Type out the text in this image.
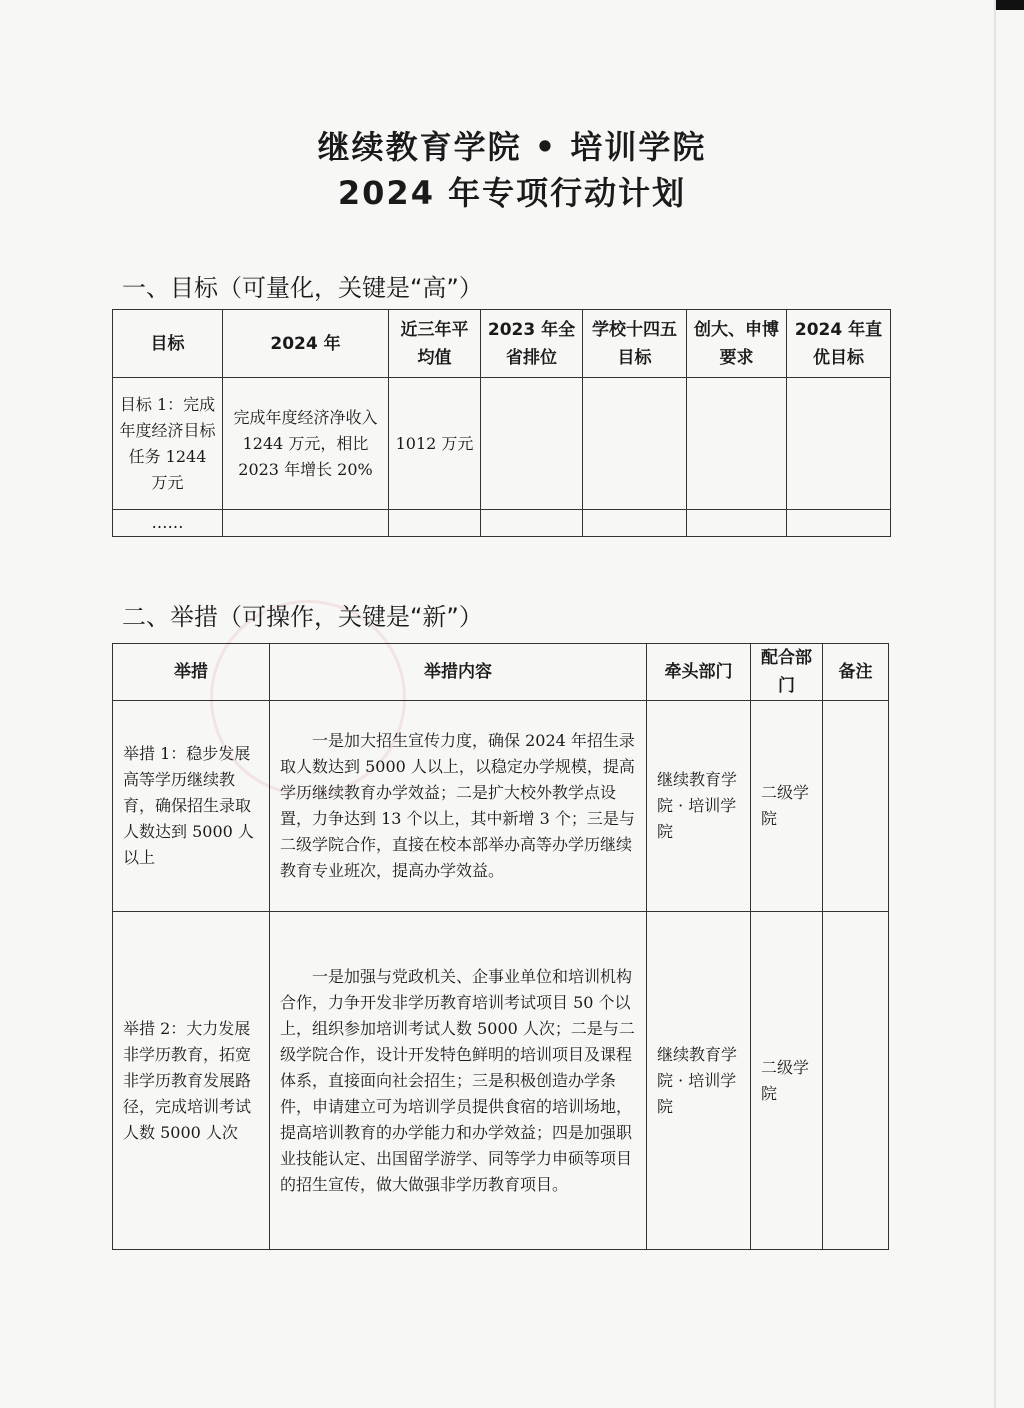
继续教育学院 • 培训学院
2024 年专项行动计划
一、目标（可量化，关键是“高”）
目标	2024 年	近三年平均值	2023 年全省排位	学校十四五目标	创大、申博要求	2024 年直优目标
目标 1：完成年度经济目标任务 1244 万元	完成年度经济净收入 1244 万元，相比 2023 年增长 20%	1012 万元				
……						
二、举措（可操作，关键是“新”）
举措	举措内容	牵头部门	配合部门	备注
举措 1：稳步发展高等学历继续教育，确保招生录取人数达到 5000 人以上	一是加大招生宣传力度，确保 2024 年招生录取人数达到 5000 人以上，以稳定办学规模，提高学历继续教育办学效益；二是扩大校外教学点设置，力争达到 13 个以上，其中新增 3 个；三是与二级学院合作，直接在校本部举办高等办学历继续教育专业班次，提高办学效益。	继续教育学院 · 培训学院	二级学院	
举措 2：大力发展非学历教育，拓宽非学历教育发展路径，完成培训考试人数 5000 人次	一是加强与党政机关、企事业单位和培训机构合作，力争开发非学历教育培训考试项目 50 个以上，组织参加培训考试人数 5000 人次；二是与二级学院合作，设计开发特色鲜明的培训项目及课程体系，直接面向社会招生；三是积极创造办学条件，申请建立可为培训学员提供食宿的培训场地，提高培训教育的办学能力和办学效益；四是加强职业技能认定、出国留学游学、同等学力申硕等项目的招生宣传，做大做强非学历教育项目。	继续教育学院 · 培训学院	二级学院	
